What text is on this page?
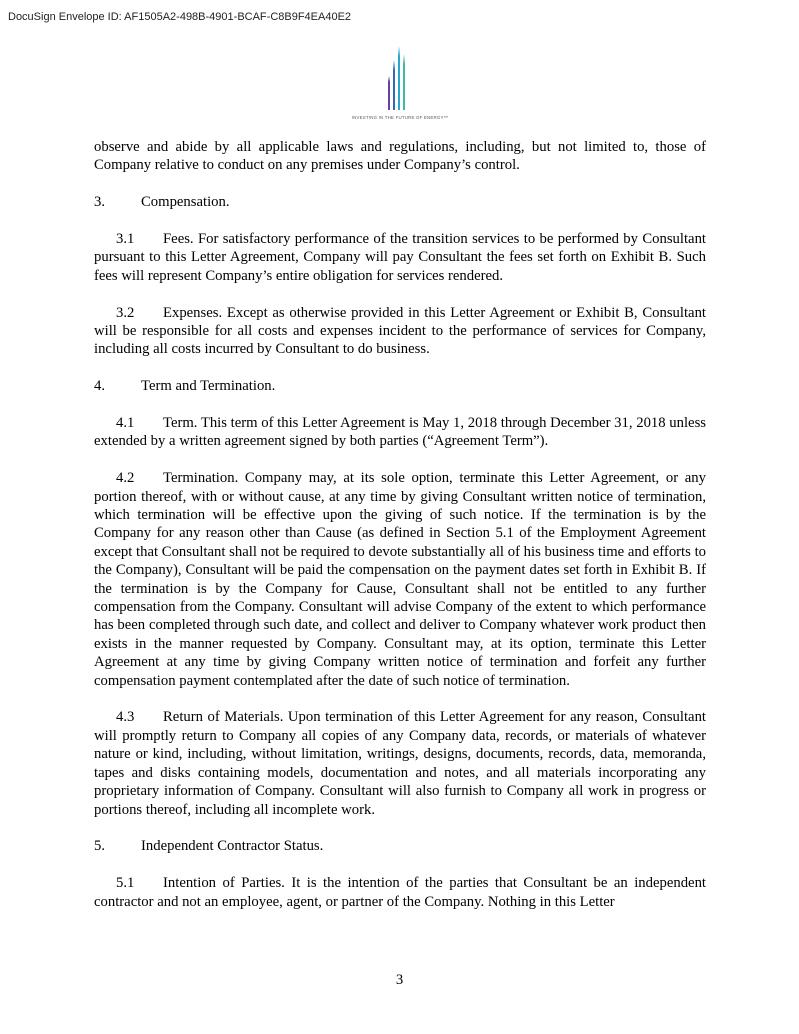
DocuSign Envelope ID: AF1505A2-498B-4901-BCAF-C8B9F4EA40E2
INVESTING IN THE FUTURE OF ENERGY™

observe and abide by all applicable laws and regulations, including, but not limited to, those of Company relative to conduct on any premises under Company’s control.

3. Compensation.

3.1 Fees. For satisfactory performance of the transition services to be performed by Consultant pursuant to this Letter Agreement, Company will pay Consultant the fees set forth on Exhibit B. Such fees will represent Company’s entire obligation for services rendered.

3.2 Expenses. Except as otherwise provided in this Letter Agreement or Exhibit B, Consultant will be responsible for all costs and expenses incident to the performance of services for Company, including all costs incurred by Consultant to do business.

4. Term and Termination.

4.1 Term. This term of this Letter Agreement is May 1, 2018 through December 31, 2018 unless extended by a written agreement signed by both parties (“Agreement Term”).

4.2 Termination. Company may, at its sole option, terminate this Letter Agreement, or any portion thereof, with or without cause, at any time by giving Consultant written notice of termination, which termination will be effective upon the giving of such notice. If the termination is by the Company for any reason other than Cause (as defined in Section 5.1 of the Employment Agreement except that Consultant shall not be required to devote substantially all of his business time and efforts to the Company), Consultant will be paid the compensation on the payment dates set forth in Exhibit B. If the termination is by the Company for Cause, Consultant shall not be entitled to any further compensation from the Company. Consultant will advise Company of the extent to which performance has been completed through such date, and collect and deliver to Company whatever work product then exists in the manner requested by Company. Consultant may, at its option, terminate this Letter Agreement at any time by giving Company written notice of termination and forfeit any further compensation payment contemplated after the date of such notice of termination.

4.3 Return of Materials. Upon termination of this Letter Agreement for any reason, Consultant will promptly return to Company all copies of any Company data, records, or materials of whatever nature or kind, including, without limitation, writings, designs, documents, records, data, memoranda, tapes and disks containing models, documentation and notes, and all materials incorporating any proprietary information of Company. Consultant will also furnish to Company all work in progress or portions thereof, including all incomplete work.

5. Independent Contractor Status.

5.1 Intention of Parties. It is the intention of the parties that Consultant be an independent contractor and not an employee, agent, or partner of the Company. Nothing in this Letter

3
